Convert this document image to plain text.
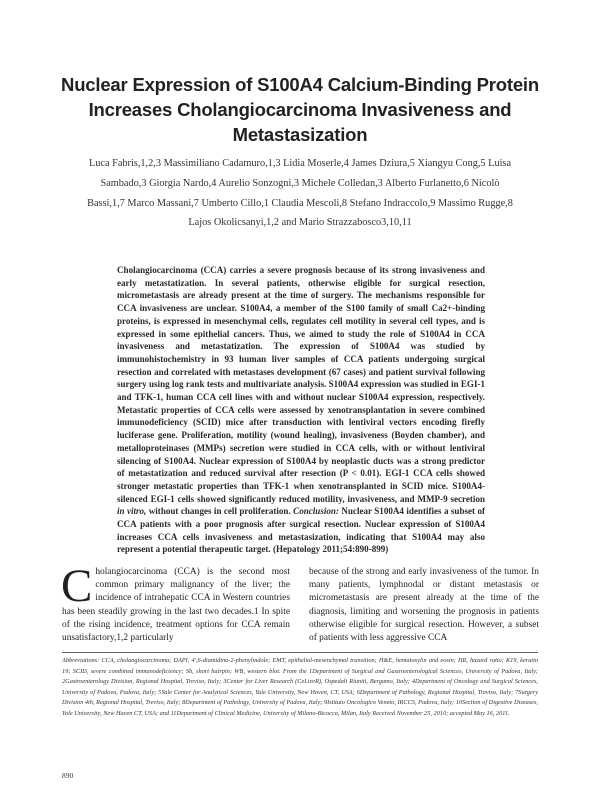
Nuclear Expression of S100A4 Calcium-Binding Protein Increases Cholangiocarcinoma Invasiveness and Metastasization
Luca Fabris,1,2,3 Massimiliano Cadamuro,1,3 Lidia Moserle,4 James Dziura,5 Xiangyu Cong,5 Luisa Sambado,3 Giorgia Nardo,4 Aurelio Sonzogni,3 Michele Colledan,3 Alberto Furlanetto,6 Nicolò Bassi,1,7 Marco Massani,7 Umberto Cillo,1 Claudia Mescoli,8 Stefano Indraccolo,9 Massimo Rugge,8 Lajos Okolicsanyi,1,2 and Mario Strazzabosco3,10,11
Cholangiocarcinoma (CCA) carries a severe prognosis because of its strong invasiveness and early metastatization. In several patients, otherwise eligible for surgical resection, micrometastasis are already present at the time of surgery. The mechanisms responsible for CCA invasiveness are unclear. S100A4, a member of the S100 family of small Ca2+-binding proteins, is expressed in mesenchymal cells, regulates cell motility in several cell types, and is expressed in some epithelial cancers. Thus, we aimed to study the role of S100A4 in CCA invasiveness and metastatization. The expression of S100A4 was studied by immunohistochemistry in 93 human liver samples of CCA patients undergoing surgical resection and correlated with metastases development (67 cases) and patient survival following surgery using log rank tests and multivariate analysis. S100A4 expression was studied in EGI-1 and TFK-1, human CCA cell lines with and without nuclear S100A4 expression, respectively. Metastatic properties of CCA cells were assessed by xenotransplantation in severe combined immunodeficiency (SCID) mice after transduction with lentiviral vectors encoding firefly luciferase gene. Proliferation, motility (wound healing), invasiveness (Boyden chamber), and metalloproteinases (MMPs) secretion were studied in CCA cells, with or without lentiviral silencing of S100A4. Nuclear expression of S100A4 by neoplastic ducts was a strong predictor of metastatization and reduced survival after resection (P < 0.01). EGI-1 CCA cells showed stronger metastatic properties than TFK-1 when xenotransplanted in SCID mice. S100A4-silenced EGI-1 cells showed significantly reduced motility, invasiveness, and MMP-9 secretion in vitro, without changes in cell proliferation. Conclusion: Nuclear S100A4 identifies a subset of CCA patients with a poor prognosis after surgical resection. Nuclear expression of S100A4 increases CCA cells invasiveness and metastasization, indicating that S100A4 may also represent a potential therapeutic target. (Hepatology 2011;54:890-899)
Cholangiocarcinoma (CCA) is the second most common primary malignancy of the liver; the incidence of intrahepatic CCA in Western countries has been steadily growing in the last two decades.1 In spite of the rising incidence, treatment options for CCA remain unsatisfactory,1,2 particularly
because of the strong and early invasiveness of the tumor. In many patients, lymphnodal or distant metastasis or micrometastasis are present already at the time of the diagnosis, limiting and worsening the prognosis in patients otherwise eligible for surgical resection. However, a subset of patients with less aggressive CCA
Abbreviations: CCA, cholangiocarcinoma; DAPI, 4',6-diamidino-2-phenylindole; EMT, epithelial-mesenchymal transition; H&E, hematoxylin and eosin; HR, hazard ratio; K19, keratin 19; SCID, severe combined immunodeficiency; Sh, short hairpin; WB, western blot. From the 1Department of Surgical and Gastroenterological Sciences, University of Padova, Italy; 2Gastroenterology Division, Regional Hospital, Treviso, Italy; 3Center for Liver Research (CeLiveR), Ospedali Riuniti, Bergamo, Italy; 4Department of Oncology and Surgical Sciences, University of Padova, Padova, Italy; 5Yale Center for Analytical Sciences, Yale University, New Haven, CT, USA; 6Department of Pathology, Regional Hospital, Treviso, Italy; 7Surgery Division 4th, Regional Hospital, Treviso, Italy; 8Department of Pathology, University of Padova, Italy; 9Istituto Oncologico Veneto, IRCCS, Padova, Italy; 10Section of Digestive Diseases, Yale University, New Haven CT, USA; and 11Department of Clinical Medicine, University of Milano-Bicocca, Milan, Italy Received November 25, 2010; accepted May 16, 2011.
890
